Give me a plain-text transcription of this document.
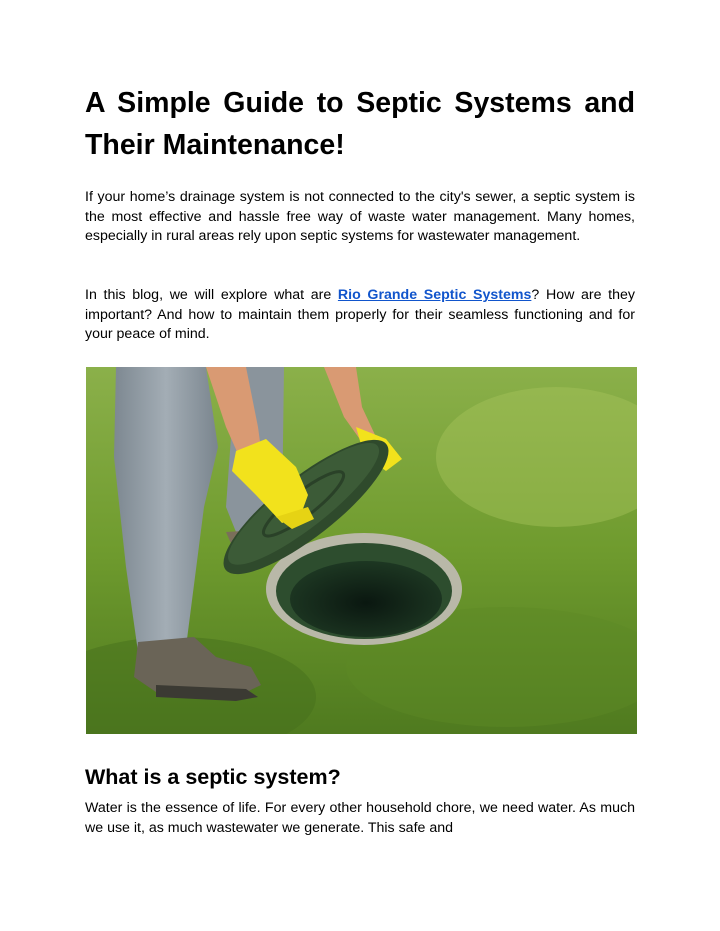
A Simple Guide to Septic Systems and Their Maintenance!

If your home’s drainage system is not connected to the city's sewer, a septic system is the most effective and hassle free way of waste water management. Many homes, especially in rural areas rely upon septic systems for wastewater management.

In this blog, we will explore what are Rio Grande Septic Systems? How are they important? And how to maintain them properly for their seamless functioning and for your peace of mind.

What is a septic system?

Water is the essence of life. For every other household chore, we need water. As much we use it, as much wastewater we generate. This safe and
